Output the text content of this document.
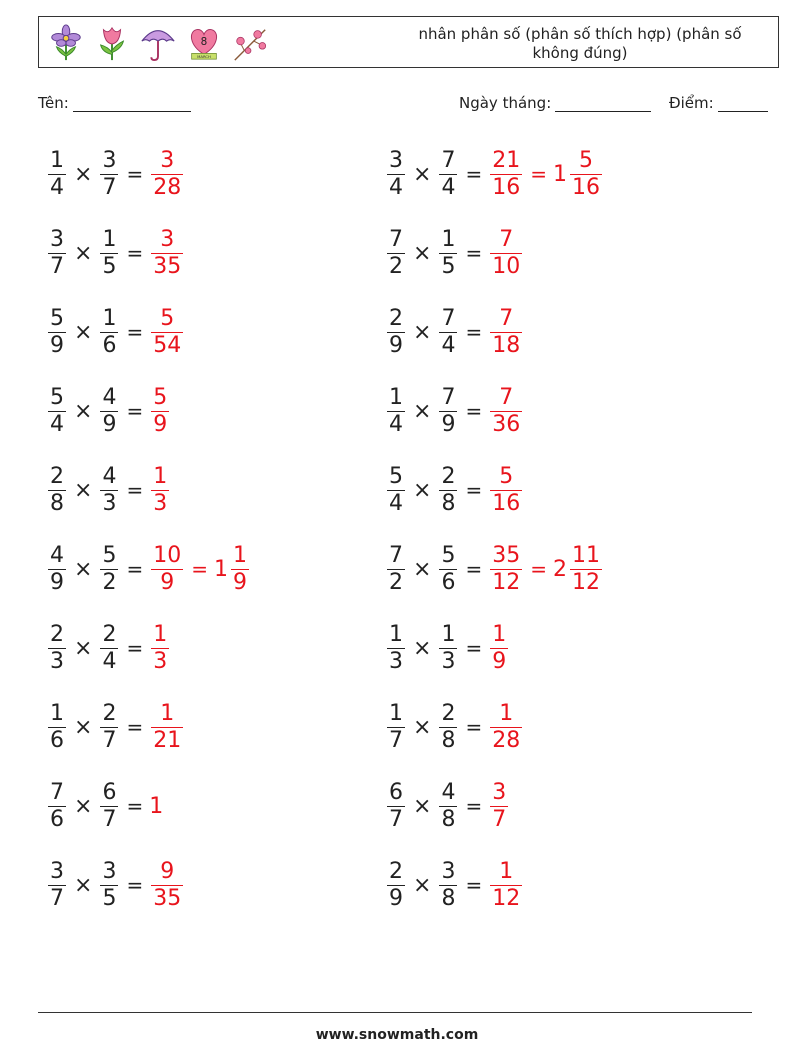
8
MARCH
nhân phân số (phân số thích hợp) (phân số không đúng)
Tên:	Ngày tháng:	Điểm:
$\frac{1}{4} \times \frac{3}{7} = \frac{3}{28}$	$\frac{3}{4} \times \frac{7}{4} = \frac{21}{16} = 1 \frac{5}{16}$
$\frac{3}{7} \times \frac{1}{5} = \frac{3}{35}$	$\frac{7}{2} \times \frac{1}{5} = \frac{7}{10}$
$\frac{5}{9} \times \frac{1}{6} = \frac{5}{54}$	$\frac{2}{9} \times \frac{7}{4} = \frac{7}{18}$
$\frac{5}{4} \times \frac{4}{9} = \frac{5}{9}$	$\frac{1}{4} \times \frac{7}{9} = \frac{7}{36}$
$\frac{2}{8} \times \frac{4}{3} = \frac{1}{3}$	$\frac{5}{4} \times \frac{2}{8} = \frac{5}{16}$
$\frac{4}{9} \times \frac{5}{2} = \frac{10}{9} = 1 \frac{1}{9}$	$\frac{7}{2} \times \frac{5}{6} = \frac{35}{12} = 2 \frac{11}{12}$
$\frac{2}{3} \times \frac{2}{4} = \frac{1}{3}$	$\frac{1}{3} \times \frac{1}{3} = \frac{1}{9}$
$\frac{1}{6} \times \frac{2}{7} = \frac{1}{21}$	$\frac{1}{7} \times \frac{2}{8} = \frac{1}{28}$
$\frac{7}{6} \times \frac{6}{7} = 1$	$\frac{6}{7} \times \frac{4}{8} = \frac{3}{7}$
$\frac{3}{7} \times \frac{3}{5} = \frac{9}{35}$	$\frac{2}{9} \times \frac{3}{8} = \frac{1}{12}$
www.snowmath.com
